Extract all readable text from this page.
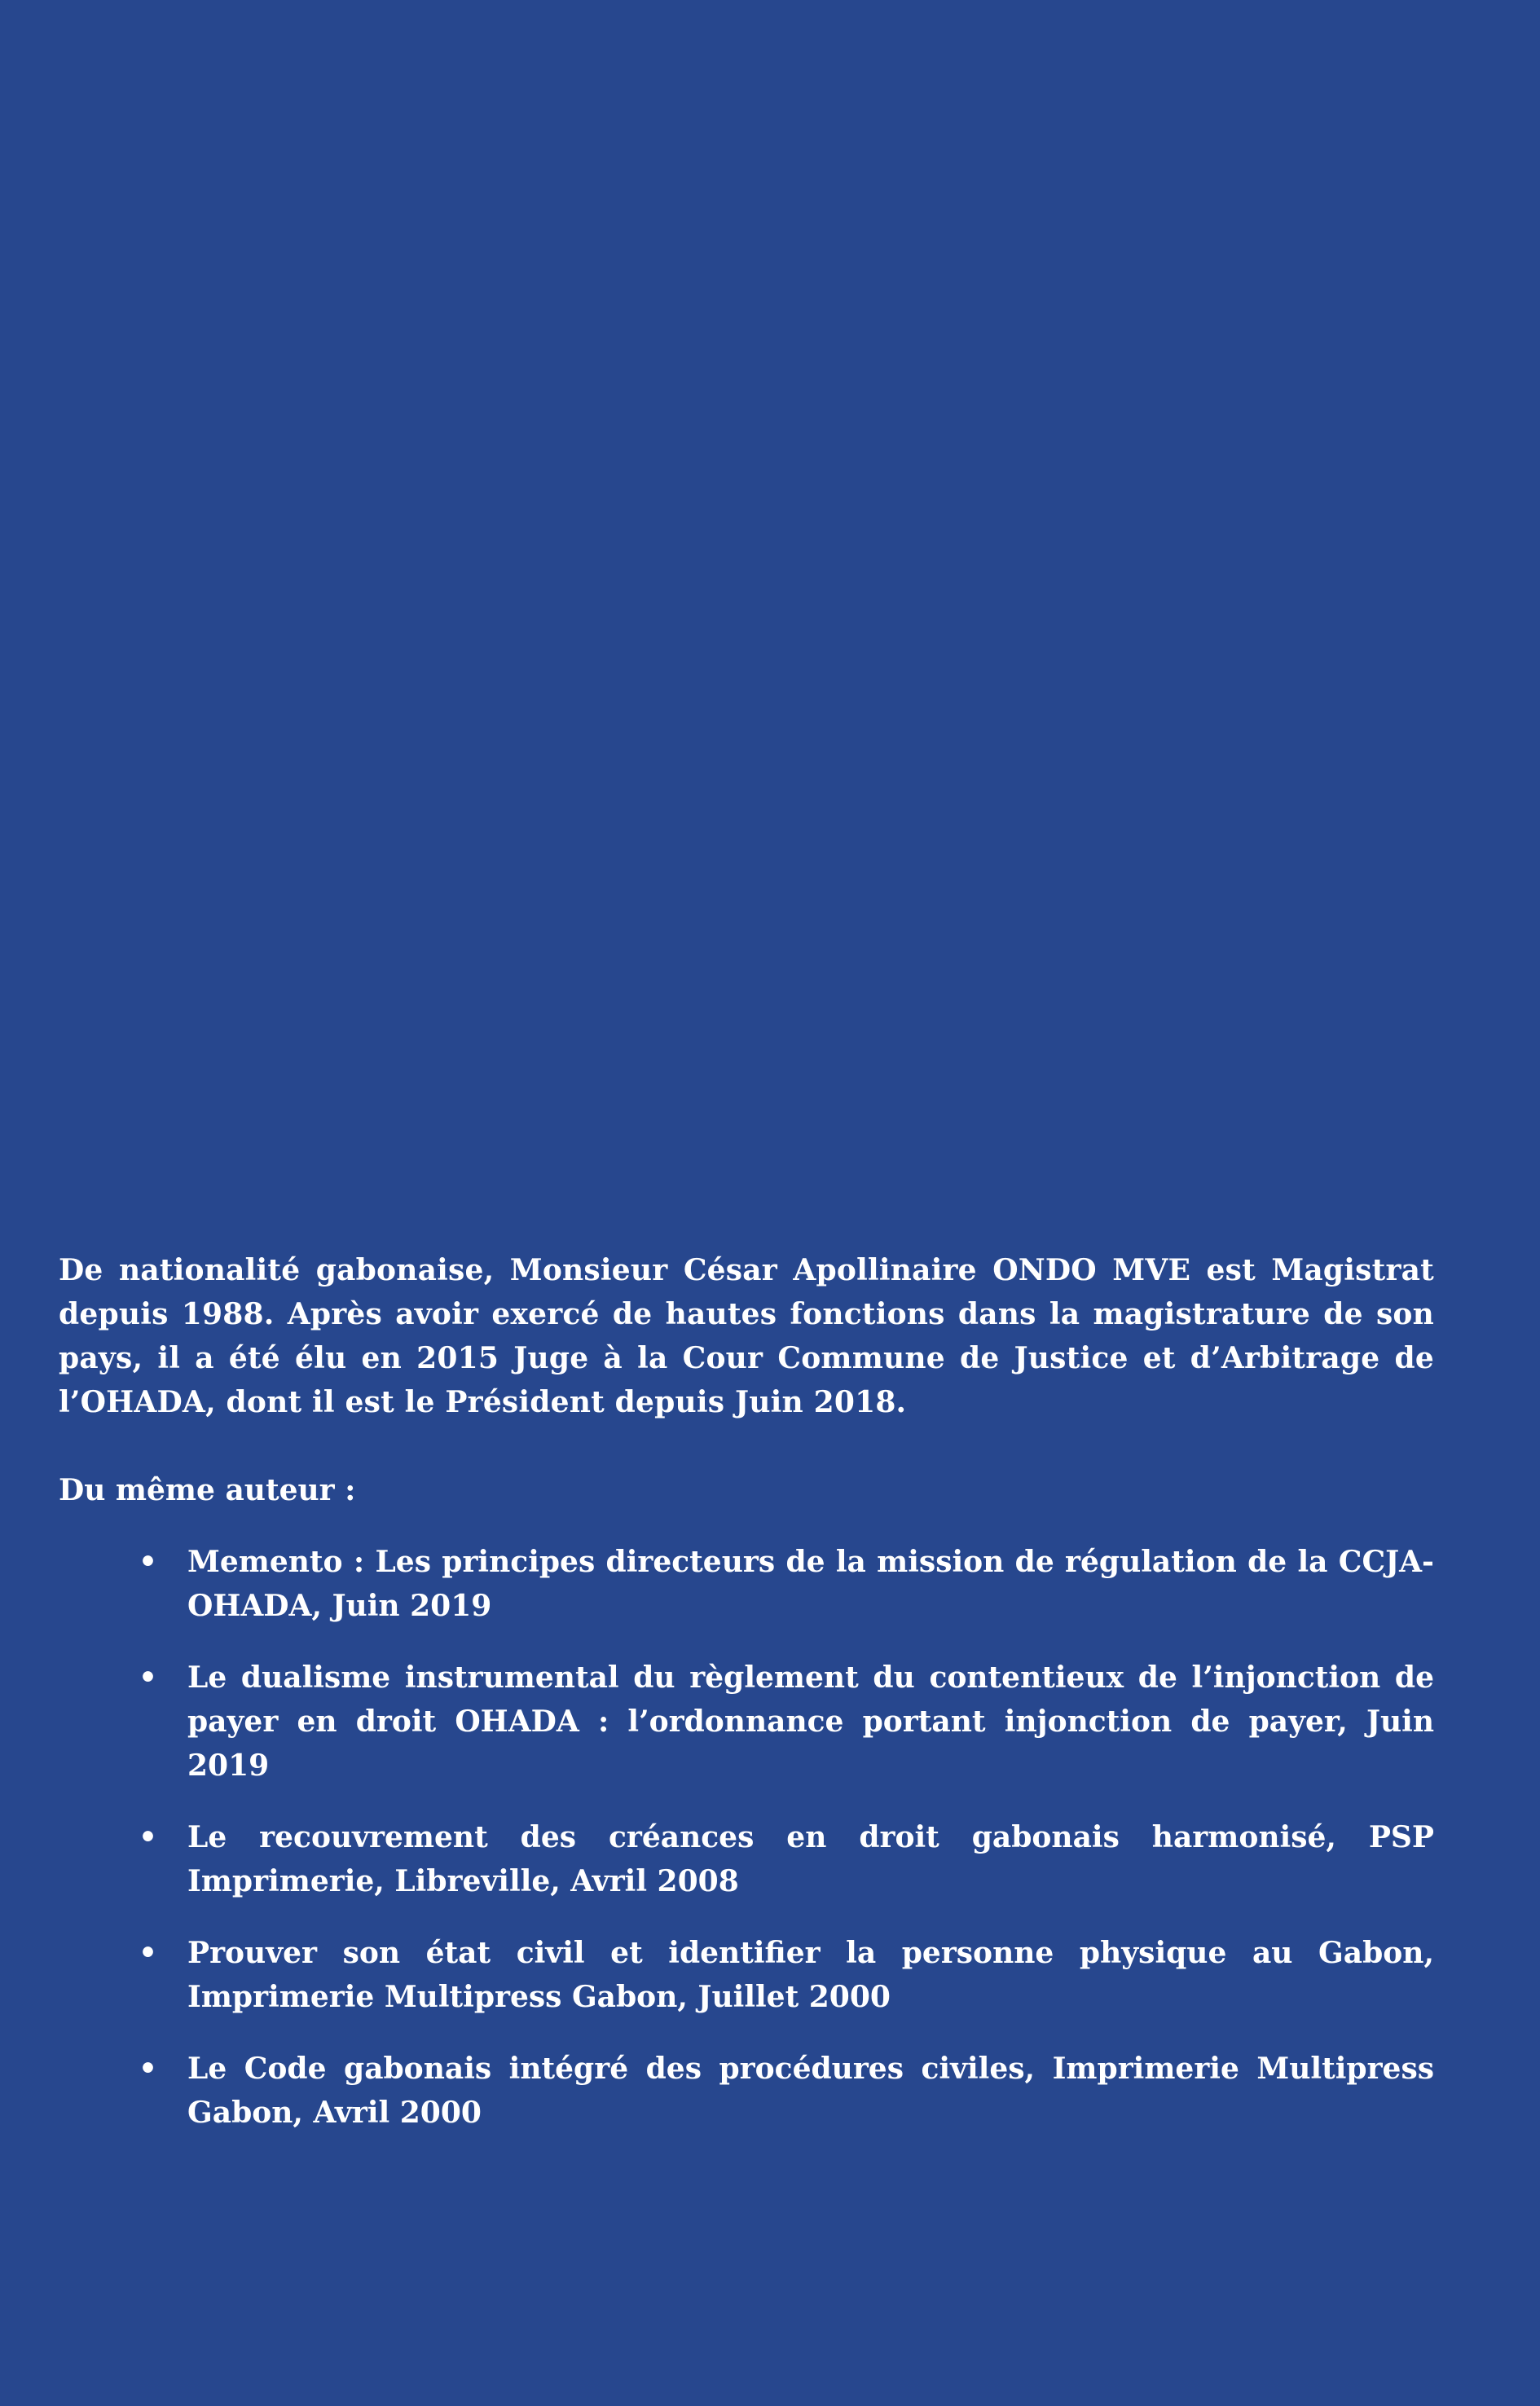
De nationalité gabonaise, Monsieur César Apollinaire ONDO MVE est Magistrat depuis 1988. Après avoir exercé de hautes fonctions dans la magistrature de son pays, il a été élu en 2015 Juge à la Cour Commune de Justice et d’Arbitrage de l’OHADA, dont il est le Président depuis Juin 2018.

Du même auteur :
• Memento : Les principes directeurs de la mission de régulation de la CCJA-OHADA, Juin 2019
• Le dualisme instrumental du règlement du contentieux de l’injonction de payer en droit OHADA : l’ordonnance portant injonction de payer, Juin 2019
• Le recouvrement des créances en droit gabonais harmonisé, PSP Imprimerie, Libreville, Avril 2008
• Prouver son état civil et identifier la personne physique au Gabon, Imprimerie Multipress Gabon, Juillet 2000
• Le Code gabonais intégré des procédures civiles, Imprimerie Multipress Gabon, Avril 2000
